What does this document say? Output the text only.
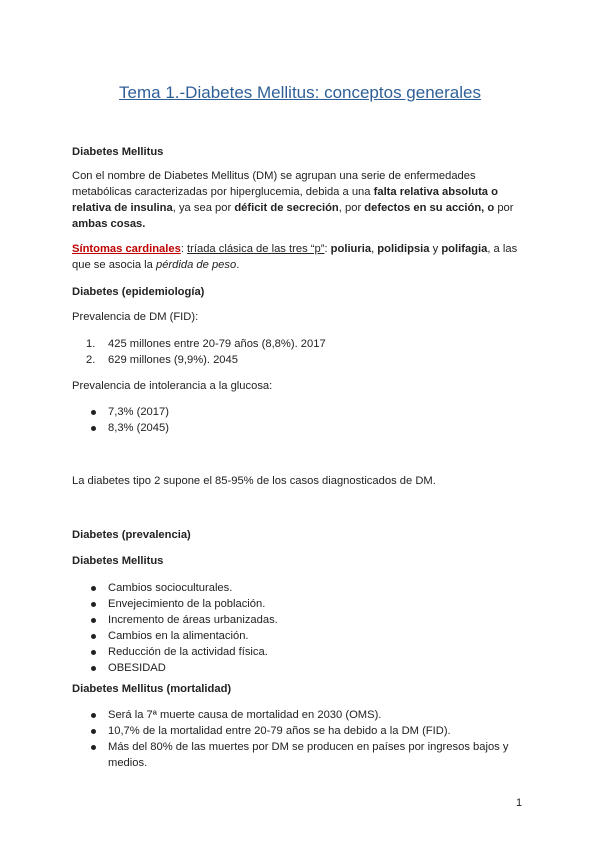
Tema 1.-Diabetes Mellitus: conceptos generales
Diabetes Mellitus
Con el nombre de Diabetes Mellitus (DM) se agrupan una serie de enfermedades metabólicas caracterizadas por hiperglucemia, debida a una falta relativa absoluta o relativa de insulina, ya sea por déficit de secreción, por defectos en su acción, o por ambas cosas.
Síntomas cardinales: tríada clásica de las tres “p”: poliuria, polidipsia y polifagia, a las que se asocia la pérdida de peso.
Diabetes (epidemiología)
Prevalencia de DM (FID):
1. 425 millones entre 20-79 años (8,8%). 2017
2. 629 millones (9,9%). 2045
Prevalencia de intolerancia a la glucosa:
7,3% (2017)
8,3% (2045)
La diabetes tipo 2 supone el 85-95% de los casos diagnosticados de DM.
Diabetes (prevalencia)
Diabetes Mellitus
Cambios socioculturales.
Envejecimiento de la población.
Incremento de áreas urbanizadas.
Cambios en la alimentación.
Reducción de la actividad física.
OBESIDAD
Diabetes Mellitus (mortalidad)
Será la 7ª muerte causa de mortalidad en 2030 (OMS).
10,7% de la mortalidad entre 20-79 años se ha debido a la DM (FID).
Más del 80% de las muertes por DM se producen en países por ingresos bajos y medios.
1
